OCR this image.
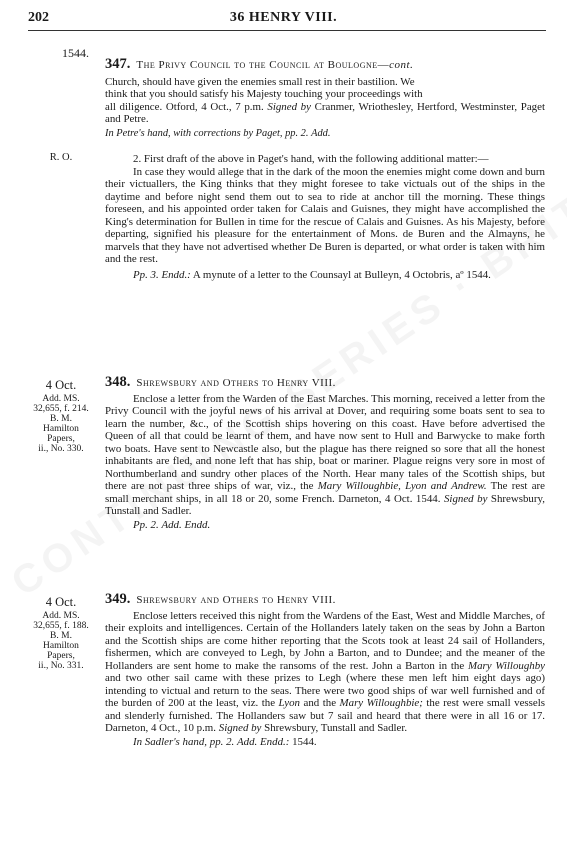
202	36 HENRY VIII.
1544.
347. The Privy Council to the Council at Boulogne—cont.

Church, should have given the enemies small rest in their bastilion. We

think that you should satisfy his Majesty touching your proceedings with

all diligence. Otford, 4 Oct., 7 p.m. Signed by Cranmer, Wriothesley, Hertford, Westminster, Paget and Petre.

In Petre's hand, with corrections by Paget, pp. 2. Add.

R. O.	2. First draft of the above in Paget's hand, with the following additional matter:—

In case they would allege that in the dark of the moon the enemies might come down and burn their victuallers, the King thinks that they might foresee to take victuals out of the ships in the daytime and before night send them out to sea to ride at anchor till the morning. These things foreseen, and his appointed order taken for Calais and Guisnes, they might have accomplished the King's determination for Bullen in time for the rescue of Calais and Guisnes. As his Majesty, before departing, signified his pleasure for the entertainment of Mons. de Buren and the Almayns, he marvels that they have not advertised whether De Buren is departed, or what order is taken with him and the rest.

Pp. 3. Endd.: A mynute of a letter to the Counsayl at Bulleyn, 4 Octobris, aº 1544.

4 Oct.
Add. MS.
32,655, f. 214.
B. M.
Hamilton
Papers,
ii., No. 330.
348. Shrewsbury and Others to Henry VIII.

Enclose a letter from the Warden of the East Marches. This morning, received a letter from the Privy Council with the joyful news of his arrival at Dover, and requiring some boats sent to sea to learn the number, &c., of the Scottish ships hovering on this coast. Have before advertised the Queen of all that could be learnt of them, and have now sent to Hull and Barwycke to make forth two boats. Have sent to Newcastle also, but the plague has there reigned so sore that all the honest inhabitants are fled, and none left that has ship, boat or mariner. Plague reigns very sore in most of Northumberland and sundry other places of the North. Hear many tales of the Scottish ships, but there are not past three ships of war, viz., the Mary Willoughbie, Lyon and Andrew. The rest are small merchant ships, in all 18 or 20, some French. Darneton, 4 Oct. 1544. Signed by Shrewsbury, Tunstall and Sadler.

Pp. 2. Add. Endd.

4 Oct.
Add. MS.
32,655, f. 188.
B. M.
Hamilton
Papers,
ii., No. 331.
349. Shrewsbury and Others to Henry VIII.

Enclose letters received this night from the Wardens of the East, West and Middle Marches, of their exploits and intelligences. Certain of the Hollanders lately taken on the seas by John a Barton and the Scottish ships are come hither reporting that the Scots took at least 24 sail of Hollanders, fishermen, which are conveyed to Legh, by John a Barton, and to Dundee; and the meaner of the Hollanders are sent home to make the ransoms of the rest. John a Barton in the Mary Willoughby and two other sail came with these prizes to Legh (where these men left him eight days ago) intending to victual and return to the seas. There were two good ships of war well furnished and of the burden of 200 at the least, viz. the Lyon and the Mary Willoughbie; the rest were small vessels and slenderly furnished. The Hollanders saw but 7 sail and heard that there were in all 16 or 17. Darneton, 4 Oct., 10 p.m. Signed by Shrewsbury, Tunstall and Sadler.

In Sadler's hand, pp. 2. Add. Endd.: 1544.
